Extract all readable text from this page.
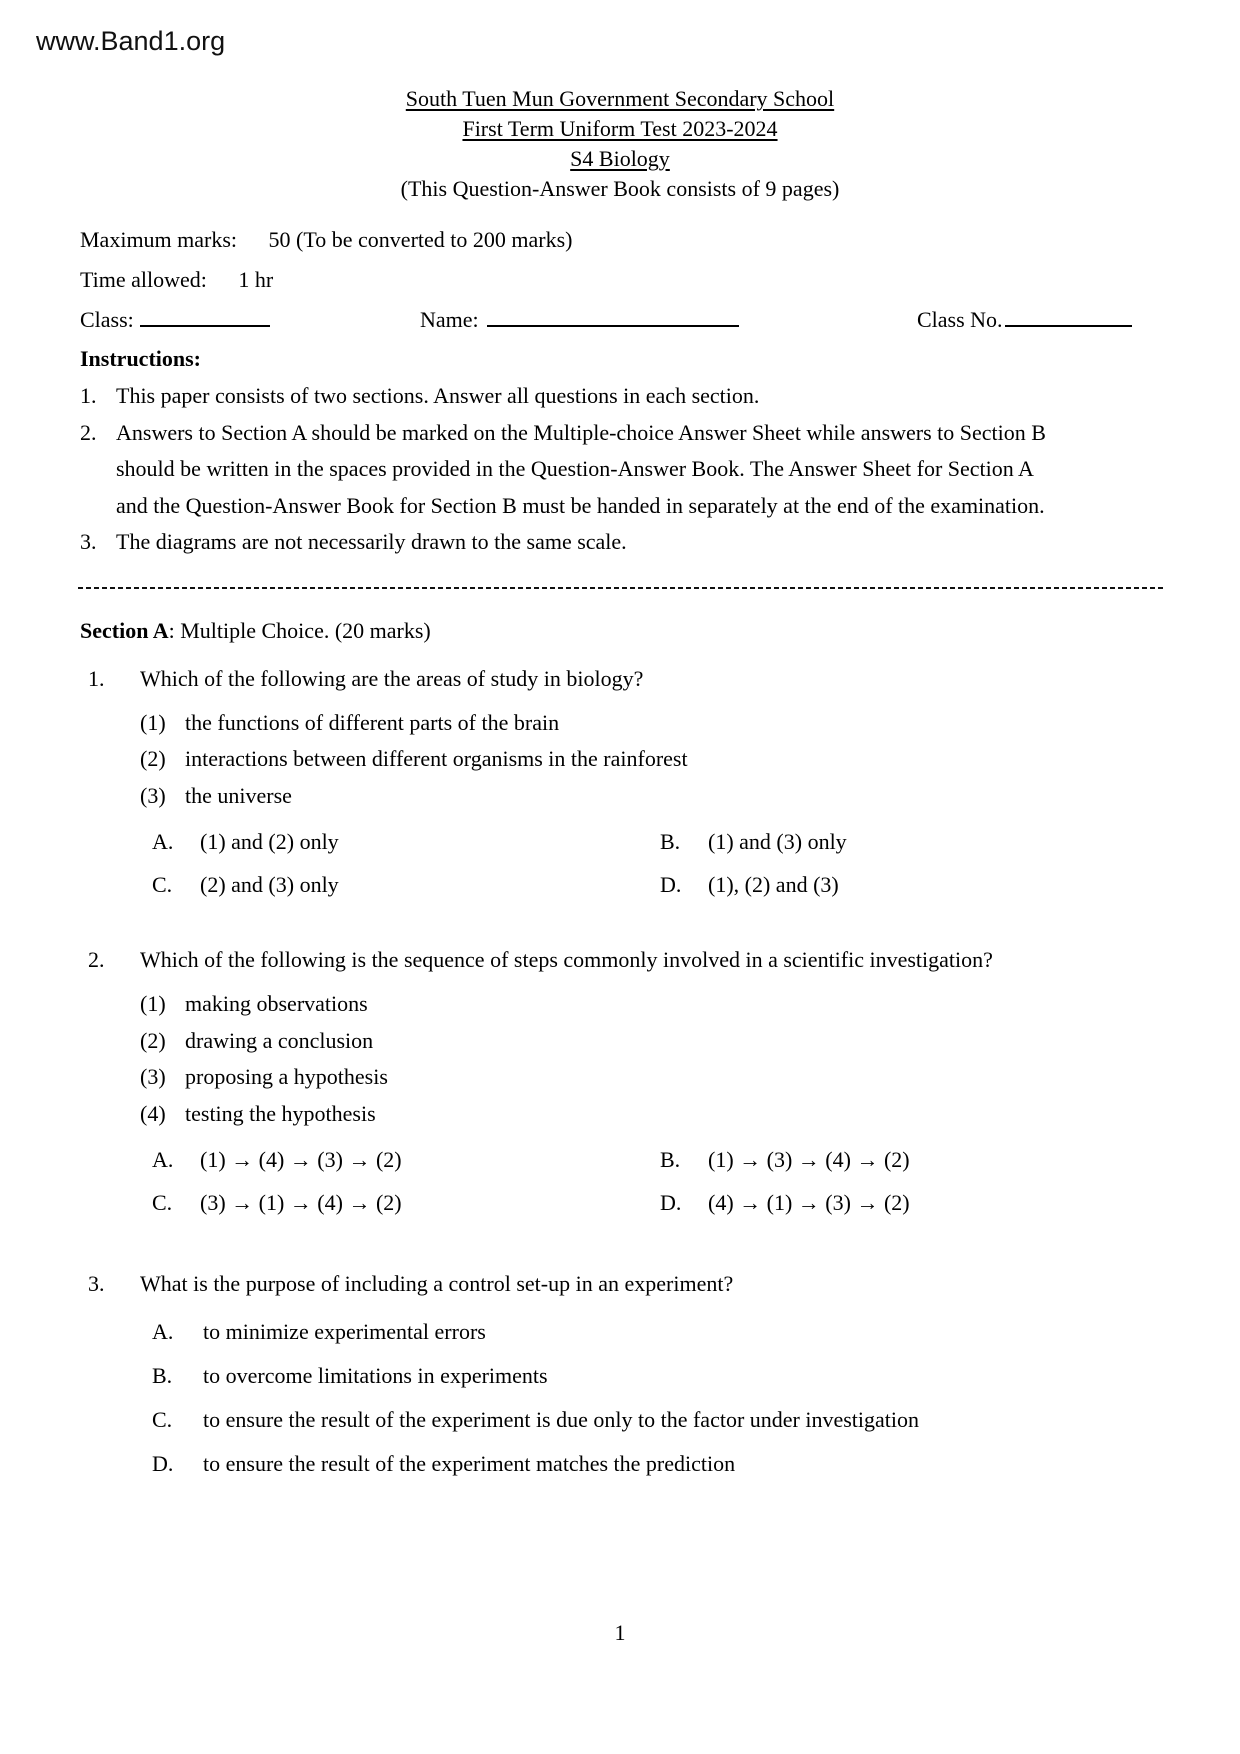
www.Band1.org
South Tuen Mun Government Secondary School
First Term Uniform Test 2023-2024
S4 Biology
(This Question-Answer Book consists of 9 pages)
Maximum marks: 50 (To be converted to 200 marks)
Time allowed: 1 hr
Class:	Name:	Class No.
Instructions:
1. This paper consists of two sections. Answer all questions in each section.
2. Answers to Section A should be marked on the Multiple-choice Answer Sheet while answers to Section B should be written in the spaces provided in the Question-Answer Book. The Answer Sheet for Section A and the Question-Answer Book for Section B must be handed in separately at the end of the examination.
3. The diagrams are not necessarily drawn to the same scale.
Section A: Multiple Choice. (20 marks)
1.	Which of the following are the areas of study in biology?
(1) the functions of different parts of the brain
(2) interactions between different organisms in the rainforest
(3) the universe
A.	(1) and (2) only	B.	(1) and (3) only
C.	(2) and (3) only	D.	(1), (2) and (3)
2.	Which of the following is the sequence of steps commonly involved in a scientific investigation?
(1) making observations
(2) drawing a conclusion
(3) proposing a hypothesis
(4) testing the hypothesis
A.	(1) → (4) → (3) → (2)	B.	(1) → (3) → (4) → (2)
C.	(3) → (1) → (4) → (2)	D.	(4) → (1) → (3) → (2)
3.	What is the purpose of including a control set-up in an experiment?
A.	to minimize experimental errors
B.	to overcome limitations in experiments
C.	to ensure the result of the experiment is due only to the factor under investigation
D.	to ensure the result of the experiment matches the prediction
1
